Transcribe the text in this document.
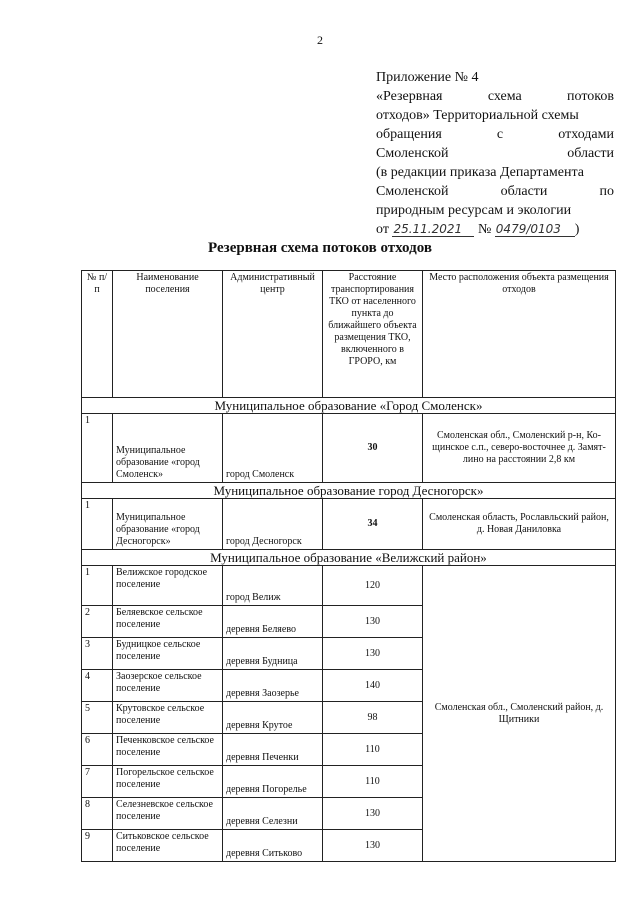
2
Приложение № 4
«Резервная	схема	потоков
отходов» Территориальной схемы
обращения	с	отходами
Смоленской	области
(в редакции приказа Департамента
Смоленской	области	по
природным ресурсам и экологии
от 25.11.2021 № 0479/0103 )
Резервная схема потоков отходов
№ п/п	Наименование поселения	Административный центр	Расстояние транспортирования ТКО от населенного пункта до ближайшего объекта размещения ТКО, включенного в ГРОРО, км	Место расположения объекта размещения отходов
Муниципальное образование «Город Смоленск»				
1	Муниципальное образование «город Смоленск»	город Смоленск	30	Смоленская обл., Смоленский р-н, Ко-щинское с.п., северо-восточнее д. Замят-лино на расстоянии 2,8 км
Муниципальное образование город Десногорск»				
1	Муниципальное образование «город Десногорск»	город Десногорск	34	Смоленская область, Рославльский район, д. Новая Даниловка
Муниципальное образование «Велижский район»				
1	Велижское городское поселение	город Велиж	120	Смоленская обл., Смоленский район, д. Щитники
2	Беляевское сельское поселение	деревня Беляево	130	
3	Будницкое сельское поселение	деревня Будница	130	
4	Заозерское сельское поселение	деревня Заозерье	140	
5	Крутовское сельское поселение	деревня Крутое	98	
6	Печенковское сельское поселение	деревня Печенки	110	
7	Погорельское сельское поселение	деревня Погорелье	110	
8	Селезневское сельское поселение	деревня Селезни	130	
9	Ситьковское сельское поселение	деревня Ситьково	130	
